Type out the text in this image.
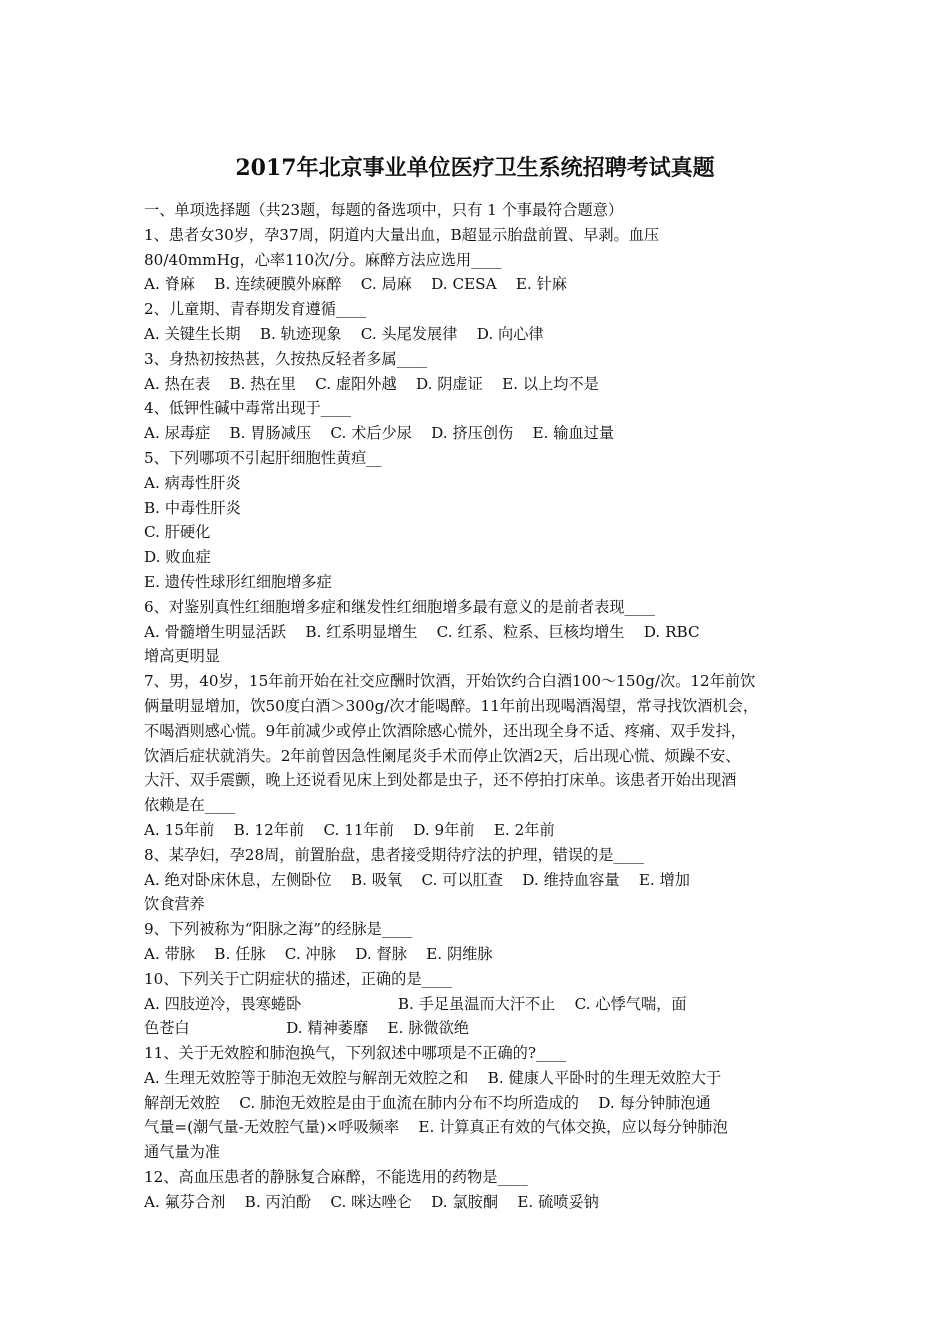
2017年北京事业单位医疗卫生系统招聘考试真题
一、单项选择题（共23题，每题的备选项中，只有 1 个事最符合题意）
1、患者女30岁，孕37周，阴道内大量出血，B超显示胎盘前置、早剥。血压
80/40mmHg，心率110次/分。麻醉方法应选用____
A. 脊麻    B. 连续硬膜外麻醉    C. 局麻    D. CESA    E. 针麻
2、儿童期、青春期发育遵循____
A. 关键生长期    B. 轨迹现象    C. 头尾发展律    D. 向心律
3、身热初按热甚，久按热反轻者多属____
A. 热在表    B. 热在里    C. 虚阳外越    D. 阴虚证    E. 以上均不是
4、低钾性碱中毒常出现于____
A. 尿毒症    B. 胃肠减压    C. 术后少尿    D. 挤压创伤    E. 输血过量
5、下列哪项不引起肝细胞性黄疸__
A. 病毒性肝炎
B. 中毒性肝炎
C. 肝硬化
D. 败血症
E. 遗传性球形红细胞增多症
6、对鉴别真性红细胞增多症和继发性红细胞增多最有意义的是前者表现____
A. 骨髓增生明显活跃    B. 红系明显增生    C. 红系、粒系、巨核均增生    D. RBC
增高更明显
7、男，40岁，15年前开始在社交应酬时饮酒，开始饮约合白酒100～150g/次。12年前饮
俩量明显增加，饮50度白酒＞300g/次才能喝醉。11年前出现喝酒渴望，常寻找饮酒机会，
不喝酒则感心慌。9年前减少或停止饮酒除感心慌外，还出现全身不适、疼痛、双手发抖，
饮酒后症状就消失。2年前曾因急性阑尾炎手术而停止饮酒2天，后出现心慌、烦躁不安、
大汗、双手震颤，晚上还说看见床上到处都是虫子，还不停拍打床单。该患者开始出现酒
依赖是在____
A. 15年前    B. 12年前    C. 11年前    D. 9年前    E. 2年前
8、某孕妇，孕28周，前置胎盘，患者接受期待疗法的护理，错误的是____
A. 绝对卧床休息，左侧卧位    B. 吸氧    C. 可以肛查    D. 维持血容量    E. 增加
饮食营养
9、下列被称为“阳脉之海”的经脉是____
A. 带脉    B. 任脉    C. 冲脉    D. 督脉    E. 阴维脉
10、下列关于亡阴症状的描述，正确的是____
A. 四肢逆冷，畏寒蜷卧                    B. 手足虽温而大汗不止    C. 心悸气喘，面
色苍白                    D. 精神萎靡    E. 脉微欲绝
11、关于无效腔和肺泡换气，下列叙述中哪项是不正确的?____
A. 生理无效腔等于肺泡无效腔与解剖无效腔之和    B. 健康人平卧时的生理无效腔大于
解剖无效腔    C. 肺泡无效腔是由于血流在肺内分布不均所造成的    D. 每分钟肺泡通
气量=(潮气量-无效腔气量)×呼吸频率    E. 计算真正有效的气体交换，应以每分钟肺泡
通气量为准
12、高血压患者的静脉复合麻醉，不能选用的药物是____
A. 氟芬合剂    B. 丙泊酚    C. 咪达唑仑    D. 氯胺酮    E. 硫喷妥钠
